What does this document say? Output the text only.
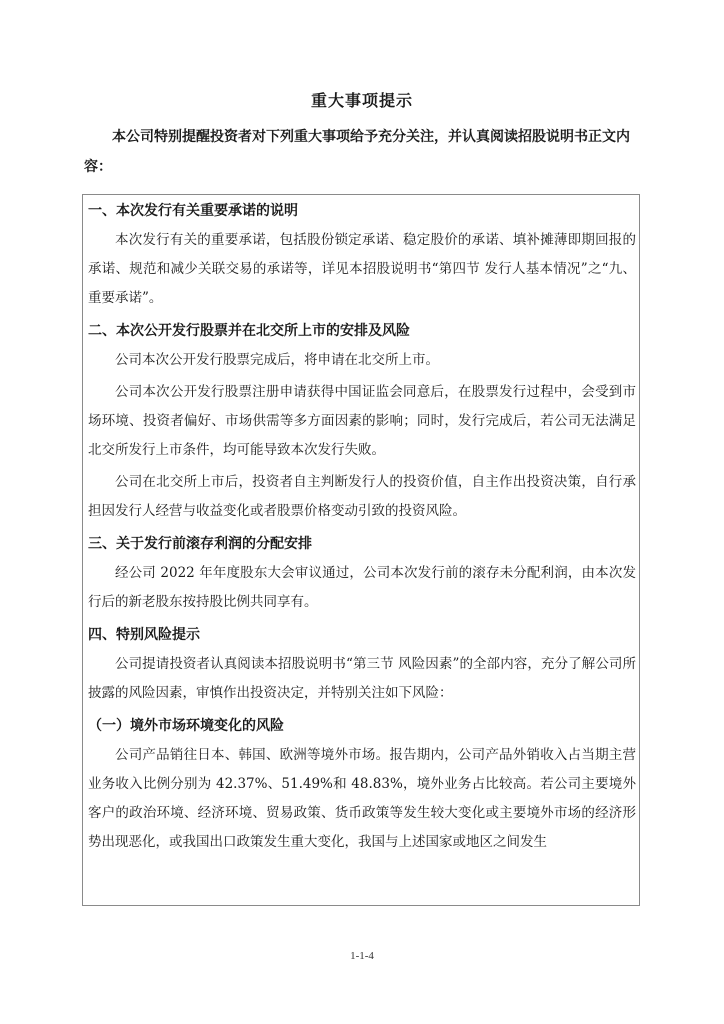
重大事项提示

本公司特别提醒投资者对下列重大事项给予充分关注，并认真阅读招股说明书正文内容：

一、本次发行有关重要承诺的说明

本次发行有关的重要承诺，包括股份锁定承诺、稳定股价的承诺、填补摊薄即期回报的承诺、规范和减少关联交易的承诺等，详见本招股说明书“第四节 发行人基本情况”之“九、重要承诺”。

二、本次公开发行股票并在北交所上市的安排及风险

公司本次公开发行股票完成后，将申请在北交所上市。

公司本次公开发行股票注册申请获得中国证监会同意后，在股票发行过程中，会受到市场环境、投资者偏好、市场供需等多方面因素的影响；同时，发行完成后，若公司无法满足北交所发行上市条件，均可能导致本次发行失败。

公司在北交所上市后，投资者自主判断发行人的投资价值，自主作出投资决策，自行承担因发行人经营与收益变化或者股票价格变动引致的投资风险。

三、关于发行前滚存利润的分配安排

经公司 2022 年年度股东大会审议通过，公司本次发行前的滚存未分配利润，由本次发行后的新老股东按持股比例共同享有。

四、特别风险提示

公司提请投资者认真阅读本招股说明书“第三节 风险因素”的全部内容，充分了解公司所披露的风险因素，审慎作出投资决定，并特别关注如下风险：

（一）境外市场环境变化的风险

公司产品销往日本、韩国、欧洲等境外市场。报告期内，公司产品外销收入占当期主营业务收入比例分别为 42.37%、51.49%和 48.83%，境外业务占比较高。若公司主要境外客户的政治环境、经济环境、贸易政策、货币政策等发生较大变化或主要境外市场的经济形势出现恶化，或我国出口政策发生重大变化，我国与上述国家或地区之间发生

1-1-4
